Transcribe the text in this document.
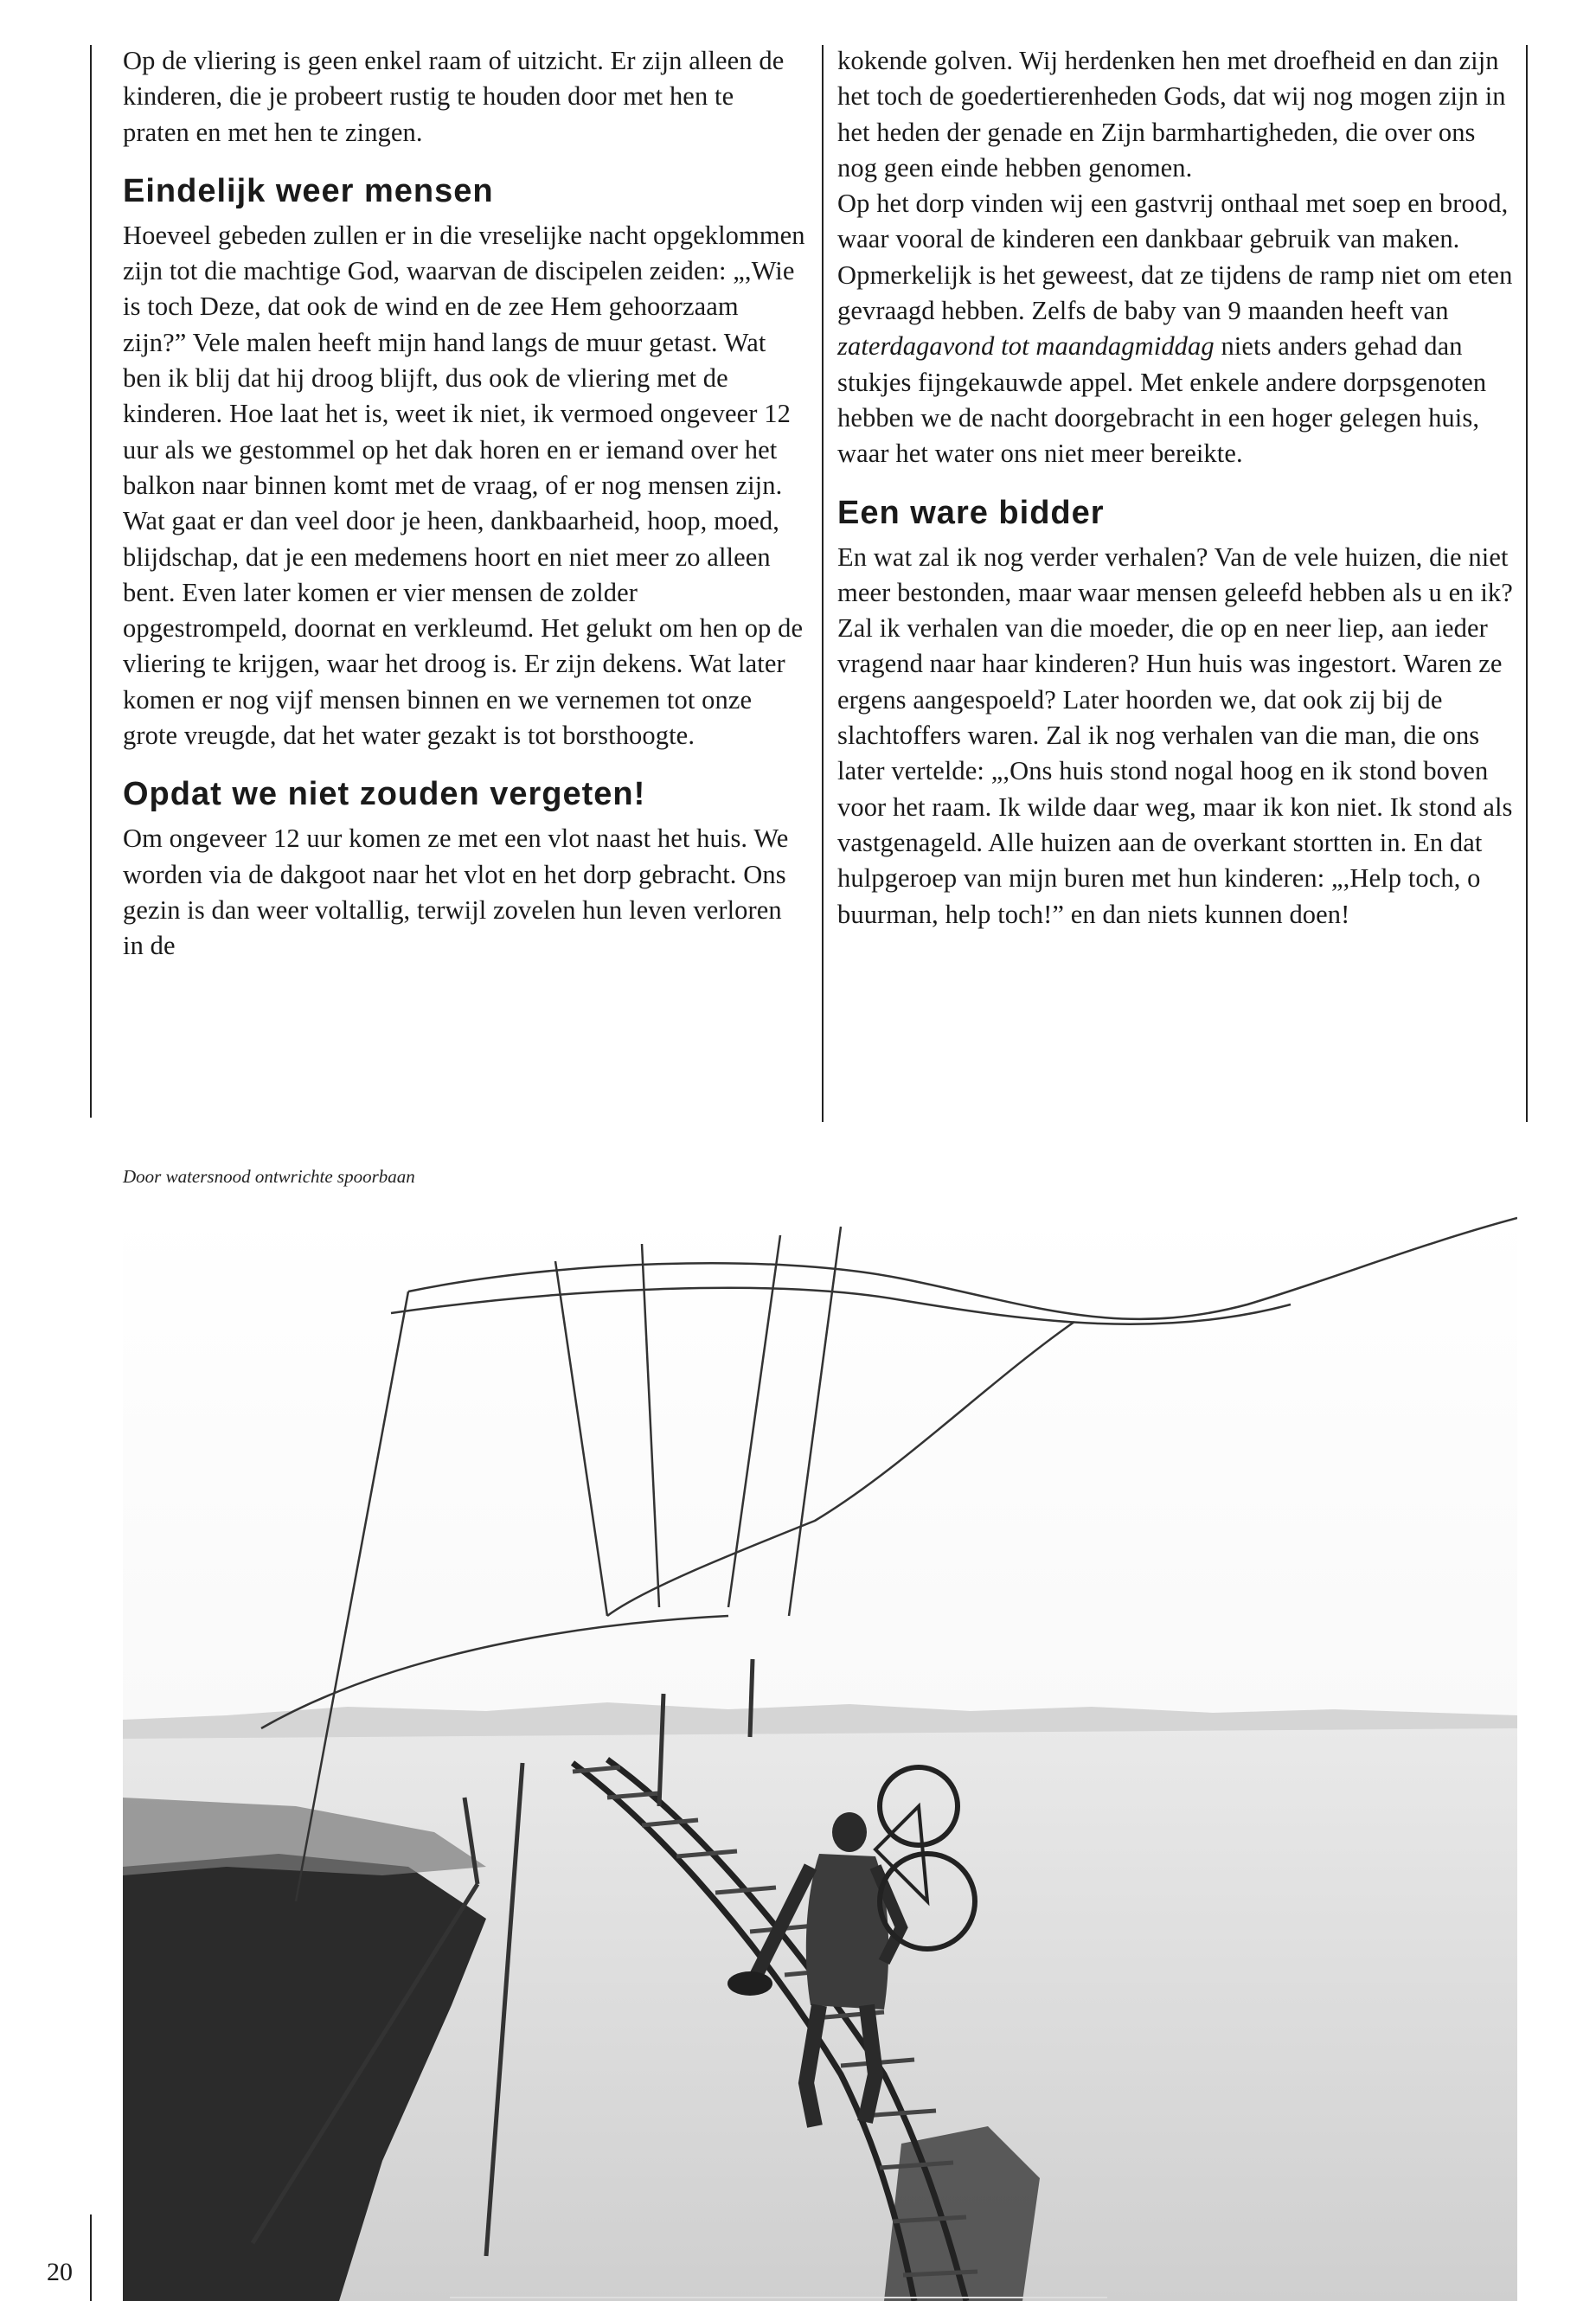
Op de vliering is geen enkel raam of uitzicht. Er zijn alleen de kinderen, die je probeert rustig te houden door met hen te praten en met hen te zingen.

Eindelijk weer mensen

Hoeveel gebeden zullen er in die vreselijke nacht opgeklommen zijn tot die machtige God, waarvan de discipelen zeiden: „,Wie is toch Deze, dat ook de wind en de zee Hem gehoorzaam zijn?” Vele malen heeft mijn hand langs de muur getast. Wat ben ik blij dat hij droog blijft, dus ook de vliering met de kinderen. Hoe laat het is, weet ik niet, ik vermoed ongeveer 12 uur als we gestommel op het dak horen en er iemand over het balkon naar binnen komt met de vraag, of er nog mensen zijn. Wat gaat er dan veel door je heen, dankbaarheid, hoop, moed, blijdschap, dat je een medemens hoort en niet meer zo alleen bent. Even later komen er vier mensen de zolder opgestrompeld, doornat en verkleumd. Het gelukt om hen op de vliering te krijgen, waar het droog is. Er zijn dekens. Wat later komen er nog vijf mensen binnen en we vernemen tot onze grote vreugde, dat het water gezakt is tot borsthoogte.

Opdat we niet zouden vergeten!

Om ongeveer 12 uur komen ze met een vlot naast het huis. We worden via de dakgoot naar het vlot en het dorp gebracht. Ons gezin is dan weer voltallig, terwijl zovelen hun leven verloren in de

kokende golven. Wij herdenken hen met droefheid en dan zijn het toch de goedertierenheden Gods, dat wij nog mogen zijn in het heden der genade en Zijn barmhartigheden, die over ons nog geen einde hebben genomen.

Op het dorp vinden wij een gastvrij onthaal met soep en brood, waar vooral de kinderen een dankbaar gebruik van maken. Opmerkelijk is het geweest, dat ze tijdens de ramp niet om eten gevraagd hebben. Zelfs de baby van 9 maanden heeft van zaterdagavond tot maandagmiddag niets anders gehad dan stukjes fijngekauwde appel. Met enkele andere dorpsgenoten hebben we de nacht doorgebracht in een hoger gelegen huis, waar het water ons niet meer bereikte.

Een ware bidder

En wat zal ik nog verder verhalen? Van de vele huizen, die niet meer bestonden, maar waar mensen geleefd hebben als u en ik? Zal ik verhalen van die moeder, die op en neer liep, aan ieder vragend naar haar kinderen? Hun huis was ingestort. Waren ze ergens aangespoeld? Later hoorden we, dat ook zij bij de slachtoffers waren. Zal ik nog verhalen van die man, die ons later vertelde: „,Ons huis stond nogal hoog en ik stond boven voor het raam. Ik wilde daar weg, maar ik kon niet. Ik stond als vastgenageld. Alle huizen aan de overkant stortten in. En dat hulpgeroep van mijn buren met hun kinderen: „,Help toch, o buurman, help toch!” en dan niets kunnen doen!

Door watersnood ontwrichte spoorbaan
20
